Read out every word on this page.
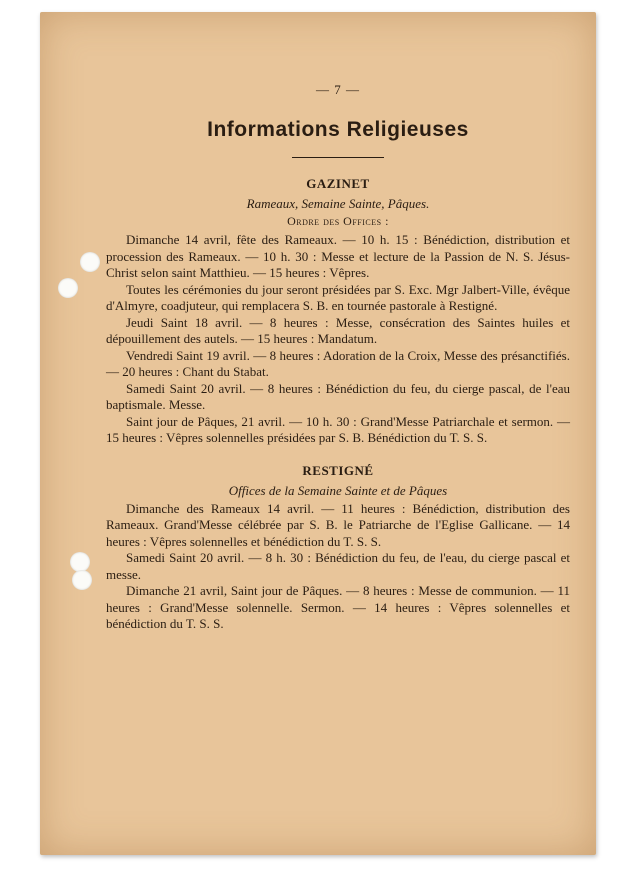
— 7 —
Informations Religieuses
GAZINET
Rameaux, Semaine Sainte, Pâques.
Ordre des Offices :

Dimanche 14 avril, fête des Rameaux. — 10 h. 15 : Bénédiction, distribution et procession des Rameaux. — 10 h. 30 : Messe et lecture de la Passion de N. S. Jésus-Christ selon saint Matthieu. — 15 heures : Vêpres.

Toutes les cérémonies du jour seront présidées par S. Exc. Mgr Jalbert-Ville, évêque d'Almyre, coadjuteur, qui remplacera S. B. en tournée pastorale à Restigné.

Jeudi Saint 18 avril. — 8 heures : Messe, consécration des Saintes huiles et dépouillement des autels. — 15 heures : Mandatum.

Vendredi Saint 19 avril. — 8 heures : Adoration de la Croix, Messe des présanctifiés. — 20 heures : Chant du Stabat.

Samedi Saint 20 avril. — 8 heures : Bénédiction du feu, du cierge pascal, de l'eau baptismale. Messe.

Saint jour de Pâques, 21 avril. — 10 h. 30 : Grand'Messe Patriarchale et sermon. — 15 heures : Vêpres solennelles présidées par S. B. Bénédiction du T. S. S.

RESTIGNÉ
Offices de la Semaine Sainte et de Pâques

Dimanche des Rameaux 14 avril. — 11 heures : Bénédiction, distribution des Rameaux. Grand'Messe célébrée par S. B. le Patriarche de l'Eglise Gallicane. — 14 heures : Vêpres solennelles et bénédiction du T. S. S.

Samedi Saint 20 avril. — 8 h. 30 : Bénédiction du feu, de l'eau, du cierge pascal et messe.

Dimanche 21 avril, Saint jour de Pâques. — 8 heures : Messe de communion. — 11 heures : Grand'Messe solennelle. Sermon. — 14 heures : Vêpres solennelles et bénédiction du T. S. S.
